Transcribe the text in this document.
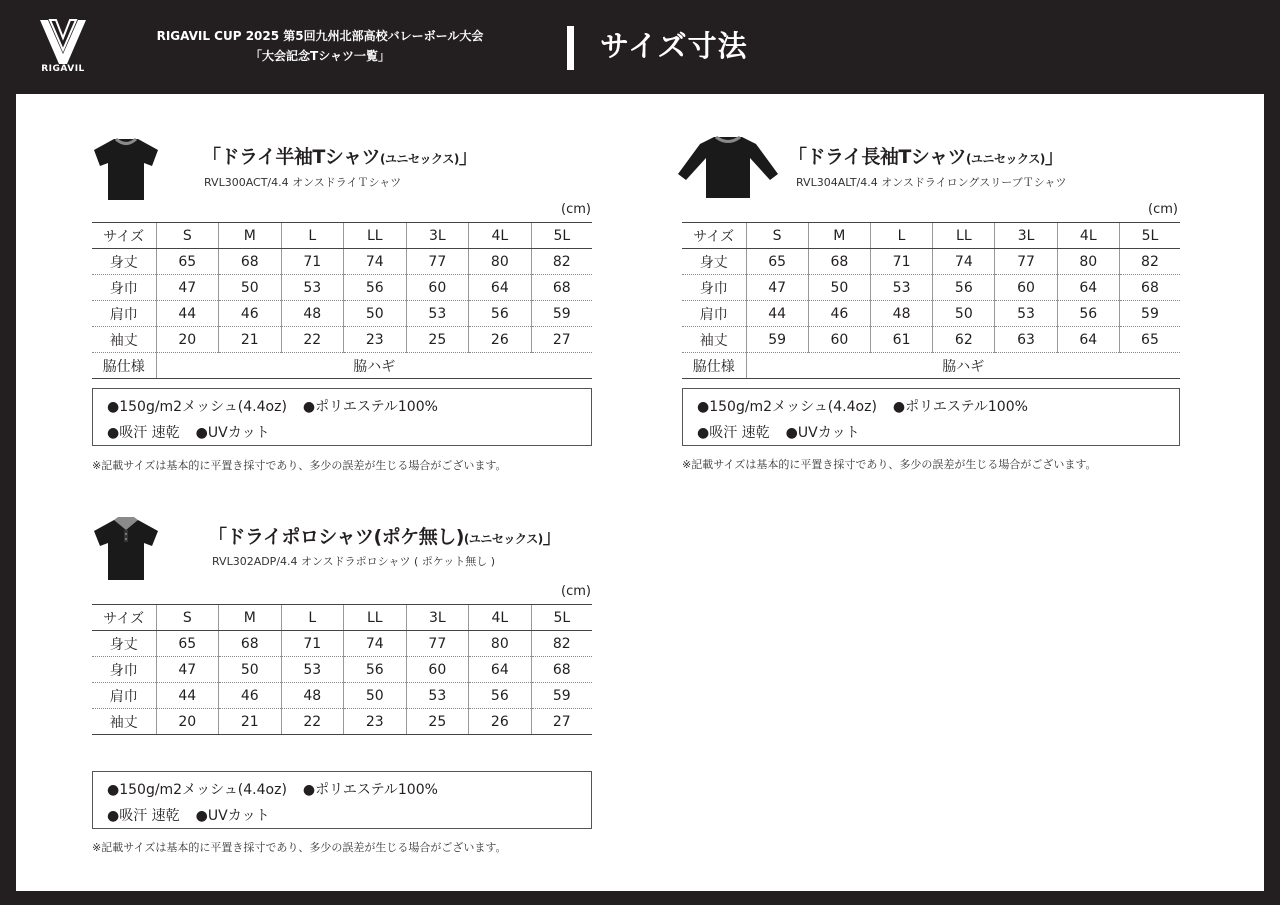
RIGAVIL
RIGAVIL CUP 2025 第5回九州北部高校バレーボール大会
「大会記念Tシャツ一覧」	サイズ寸法
「ドライ半袖Tシャツ(ユニセックス)」
RVL300ACT/4.4 オンスドライＴシャツ
(cm)
サイズ	S	M	L	LL	3L	4L	5L
身丈	65	68	71	74	77	80	82
身巾	47	50	53	56	60	64	68
肩巾	44	46	48	50	53	56	59
袖丈	20	21	22	23	25	26	27
脇仕様	脇ハギ						
●150g/m2メッシュ(4.4oz) ●ポリエステル100%
●吸汗 速乾 ●UVカット
※記載サイズは基本的に平置き採寸であり、多少の誤差が生じる場合がございます。
「ドライ長袖Tシャツ(ユニセックス)」
RVL304ALT/4.4 オンスドライロングスリーブＴシャツ
(cm)
サイズ	S	M	L	LL	3L	4L	5L
身丈	65	68	71	74	77	80	82
身巾	47	50	53	56	60	64	68
肩巾	44	46	48	50	53	56	59
袖丈	59	60	61	62	63	64	65
脇仕様	脇ハギ						
●150g/m2メッシュ(4.4oz) ●ポリエステル100%
●吸汗 速乾 ●UVカット
※記載サイズは基本的に平置き採寸であり、多少の誤差が生じる場合がございます。
「ドライポロシャツ(ポケ無し)(ユニセックス)」
RVL302ADP/4.4 オンスドラポロシャツ ( ポケット無し )
(cm)
サイズ	S	M	L	LL	3L	4L	5L
身丈	65	68	71	74	77	80	82
身巾	47	50	53	56	60	64	68
肩巾	44	46	48	50	53	56	59
袖丈	20	21	22	23	25	26	27
●150g/m2メッシュ(4.4oz) ●ポリエステル100%
●吸汗 速乾 ●UVカット
※記載サイズは基本的に平置き採寸であり、多少の誤差が生じる場合がございます。
